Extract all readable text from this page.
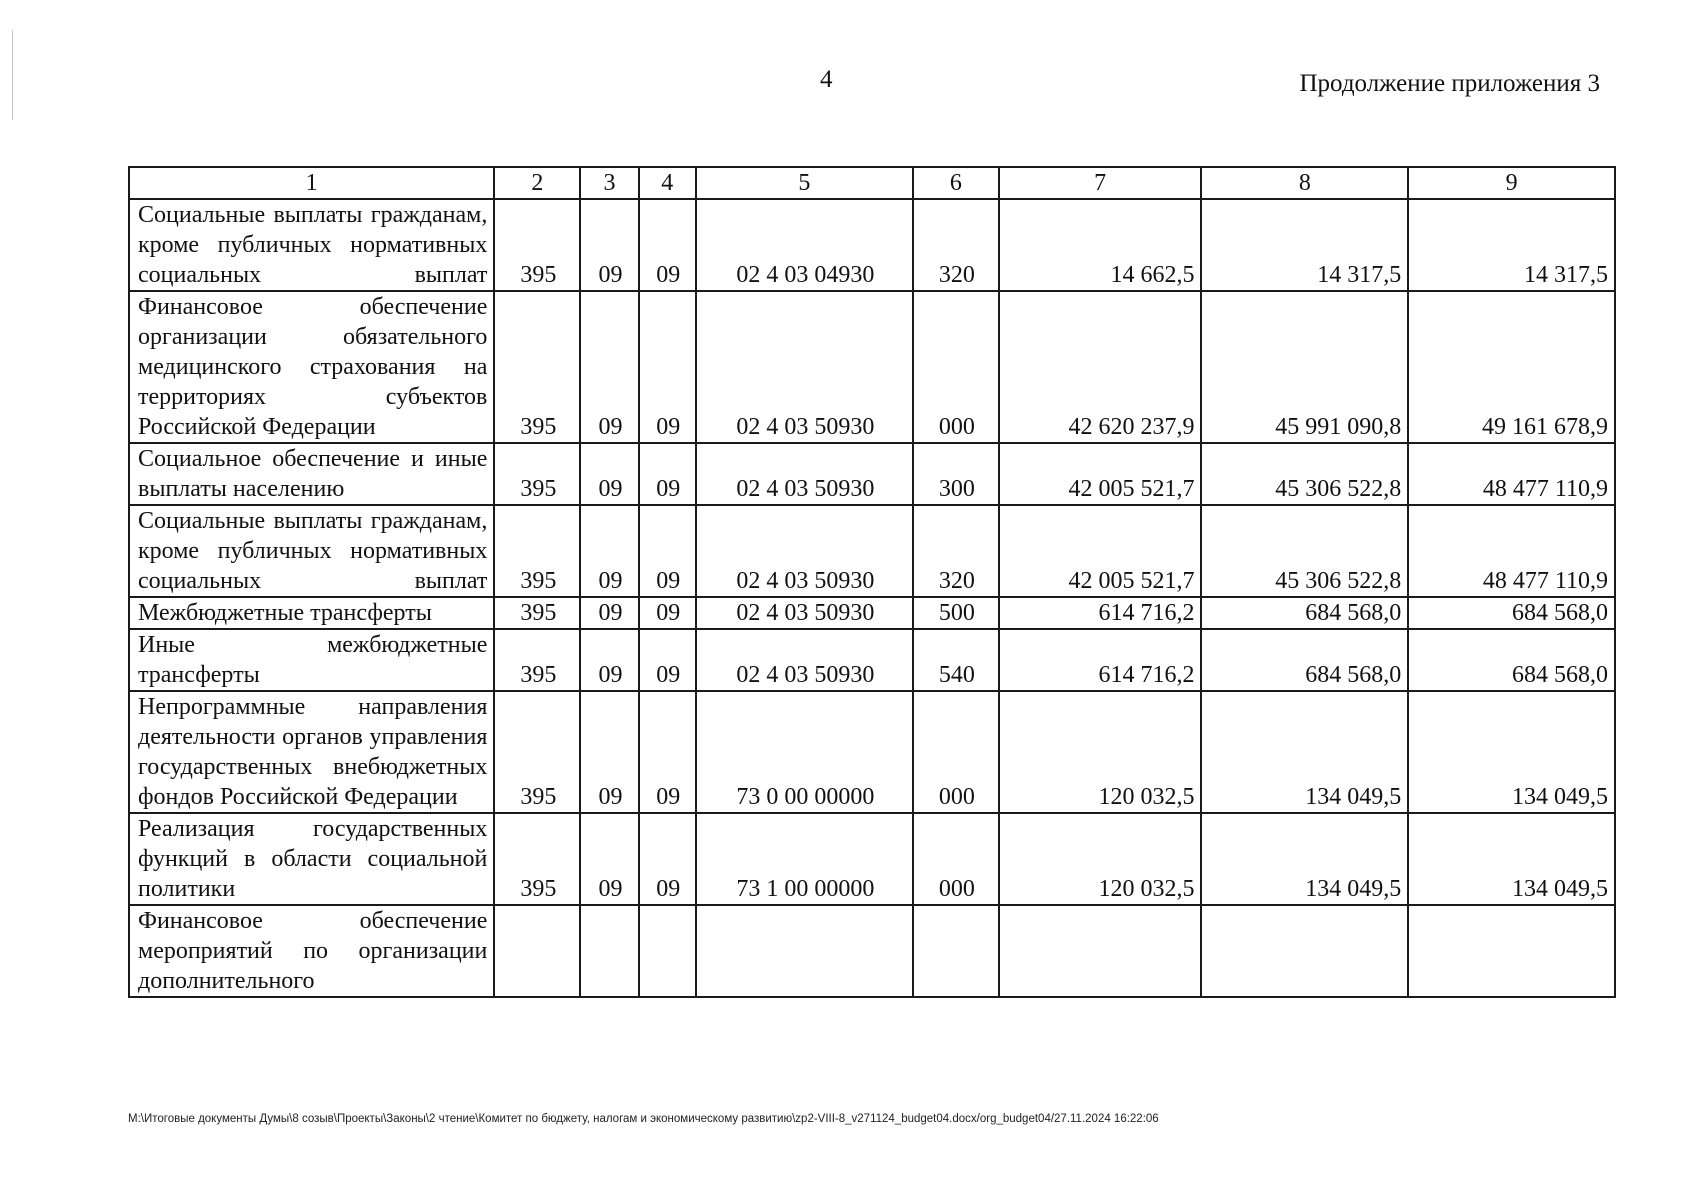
4	Продолжение приложения 3
1	2	3	4	5	6	7	8	9
Социальные выплаты гражданам, кроме публичных нормативных социальных выплат	395	09	09	02 4 03 04930	320	14 662,5	14 317,5	14 317,5
Финансовое обеспечение организации обязательного медицинского страхования на территориях субъектов Российской Федерации	395	09	09	02 4 03 50930	000	42 620 237,9	45 991 090,8	49 161 678,9
Социальное обеспечение и иные выплаты населению	395	09	09	02 4 03 50930	300	42 005 521,7	45 306 522,8	48 477 110,9
Социальные выплаты гражданам, кроме публичных нормативных социальных выплат	395	09	09	02 4 03 50930	320	42 005 521,7	45 306 522,8	48 477 110,9
Межбюджетные трансферты	395	09	09	02 4 03 50930	500	614 716,2	684 568,0	684 568,0
Иные межбюджетные трансферты	395	09	09	02 4 03 50930	540	614 716,2	684 568,0	684 568,0
Непрограммные направления деятельности органов управления государственных внебюджетных фондов Российской Федерации	395	09	09	73 0 00 00000	000	120 032,5	134 049,5	134 049,5
Реализация государственных функций в области социальной политики	395	09	09	73 1 00 00000	000	120 032,5	134 049,5	134 049,5
Финансовое обеспечение мероприятий по организации дополнительного								
M:\Итоговые документы Думы\8 созыв\Проекты\Законы\2 чтение\Комитет по бюджету, налогам и экономическому развитию\zp2-VIII-8_v271124_budget04.docx/org_budget04/27.11.2024 16:22:06
